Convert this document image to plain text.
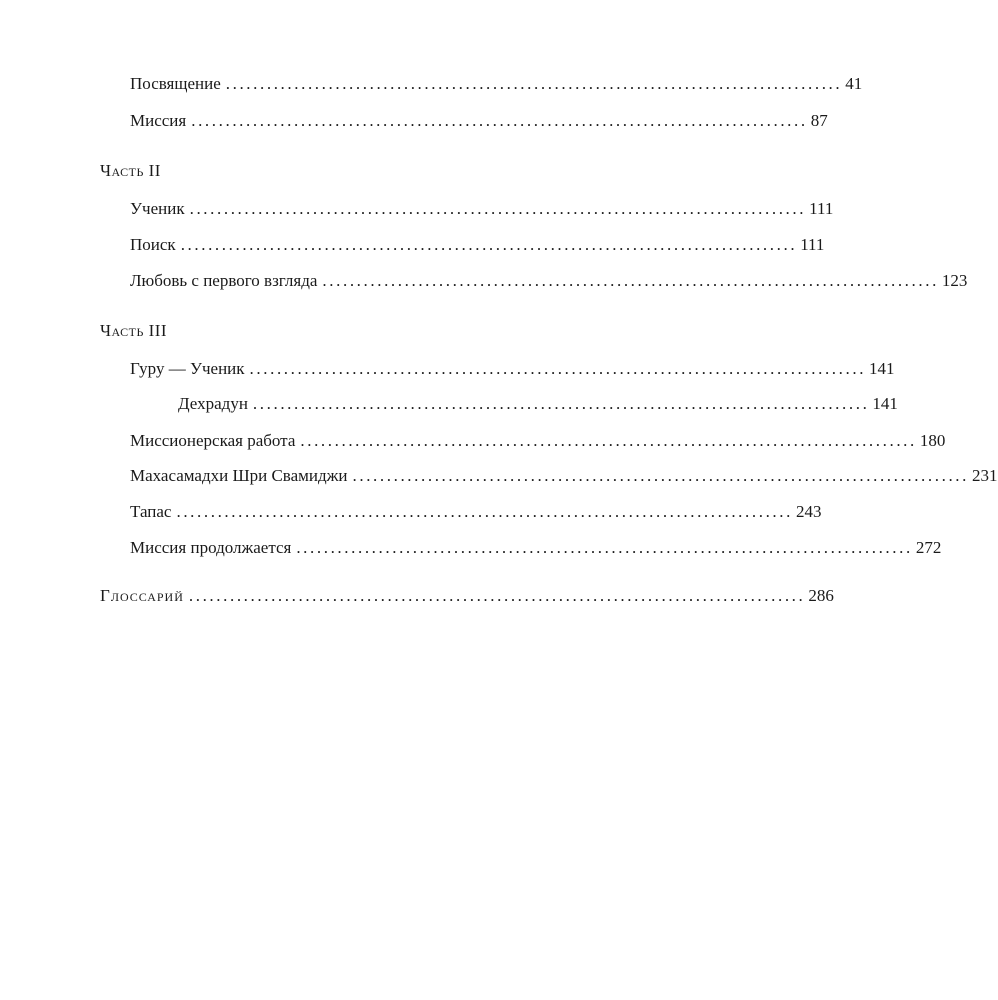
Посвящение .......................................................................................... 41
Миссия .......................................................................................... 87
Часть II
Ученик .......................................................................................... 111
Поиск .......................................................................................... 111
Любовь с первого взгляда .......................................................................................... 123
Часть III
Гуру — Ученик .......................................................................................... 141
Дехрадун .......................................................................................... 141
Миссионерская работа .......................................................................................... 180
Махасамадхи Шри Свамиджи .......................................................................................... 231
Тапас .......................................................................................... 243
Миссия продолжается .......................................................................................... 272
Глоссарий .......................................................................................... 286
